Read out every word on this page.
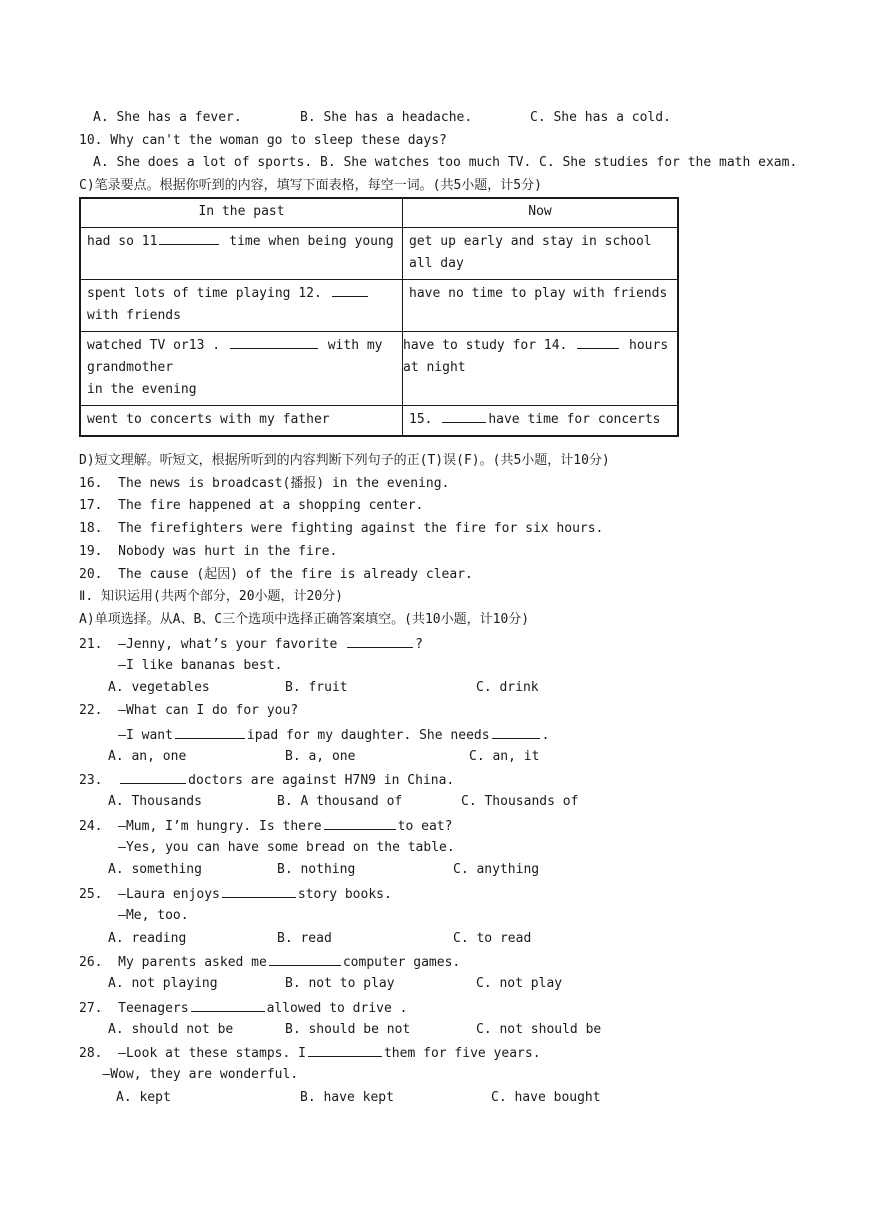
A. She has a fever.	B. She has a headache.	C. She has a cold.
10. Why can't the woman go to sleep these days?
A. She does a lot of sports. B. She watches too much TV. C. She studies for the math exam.
C)笔录要点。根据你听到的内容，填写下面表格，每空一词。(共5小题，计5分)
In the past	Now

had so 11 time when being young	get up early and stay in school all day

spent lots of time playing 12.  with friends	have no time to play with friends

watched TV or13 . with my grandmother
in the evening	have to study for 14. hours at night

went to concerts with my father	15. have time for concerts
D)短文理解。听短文，根据所听到的内容判断下列句子的正(T)误(F)。(共5小题，计10分)
16.  The news is broadcast(播报) in the evening.
17.  The fire happened at a shopping center.
18.  The firefighters were fighting against the fire for six hours.
19.  Nobody was hurt in the fire.
20.  The cause (起因) of the fire is already clear.
Ⅱ. 知识运用(共两个部分，20小题，计20分)
A)单项选择。从A、B、C三个选项中选择正确答案填空。(共10小题，计10分)
21.  —Jenny, what’s your favorite	?
—I like bananas best.
A. vegetables	B. fruit	C. drink
22.  —What can I do for you?
—I want	ipad for my daughter. She needs	.
A. an, one	B. a, one	C. an, it
23.	doctors are against H7N9 in China.
A. Thousands	B. A thousand of	C. Thousands of
24.  —Mum, I’m hungry. Is there	to eat?
—Yes, you can have some bread on the table.
A. something	B. nothing	C. anything
25.  —Laura enjoys	story books.
—Me, too.
A. reading	B. read	C. to read
26.  My parents asked me	computer games.
A. not playing	B. not to play	C. not play
27.  Teenagers	allowed to drive .
A. should not be	B. should be not	C. not should be
28.  —Look at these stamps. I	them for five years.
—Wow, they are wonderful.
A. kept	B. have kept	C. have bought
